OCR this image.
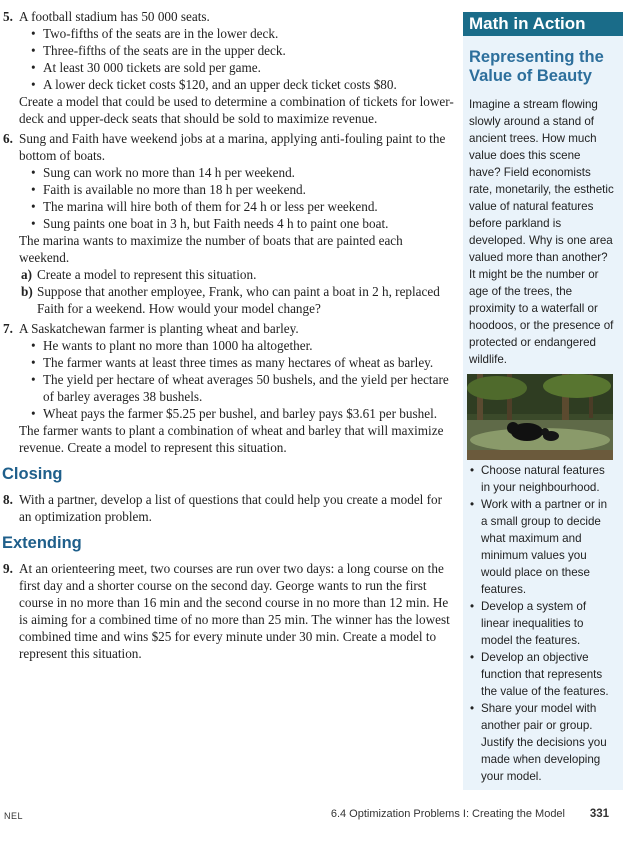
5. A football stadium has 50 000 seats.
• Two-fifths of the seats are in the lower deck.
• Three-fifths of the seats are in the upper deck.
• At least 30 000 tickets are sold per game.
• A lower deck ticket costs $120, and an upper deck ticket costs $80.
Create a model that could be used to determine a combination of tickets for lower-deck and upper-deck seats that should be sold to maximize revenue.
6. Sung and Faith have weekend jobs at a marina, applying anti-fouling paint to the bottom of boats.
• Sung can work no more than 14 h per weekend.
• Faith is available no more than 18 h per weekend.
• The marina will hire both of them for 24 h or less per weekend.
• Sung paints one boat in 3 h, but Faith needs 4 h to paint one boat.
The marina wants to maximize the number of boats that are painted each weekend.
a) Create a model to represent this situation.
b) Suppose that another employee, Frank, who can paint a boat in 2 h, replaced Faith for a weekend. How would your model change?
7. A Saskatchewan farmer is planting wheat and barley.
• He wants to plant no more than 1000 ha altogether.
• The farmer wants at least three times as many hectares of wheat as barley.
• The yield per hectare of wheat averages 50 bushels, and the yield per hectare of barley averages 38 bushels.
• Wheat pays the farmer $5.25 per bushel, and barley pays $3.61 per bushel.
The farmer wants to plant a combination of wheat and barley that will maximize revenue. Create a model to represent this situation.
Closing
8. With a partner, develop a list of questions that could help you create a model for an optimization problem.
Extending
9. At an orienteering meet, two courses are run over two days: a long course on the first day and a shorter course on the second day. George wants to run the first course in no more than 16 min and the second course in no more than 12 min. He is aiming for a combined time of no more than 25 min. The winner has the lowest combined time and wins $25 for every minute under 30 min. Create a model to represent this situation.
Math in Action
Representing the Value of Beauty
Imagine a stream flowing slowly around a stand of ancient trees. How much value does this scene have? Field economists rate, monetarily, the esthetic value of natural features before parkland is developed. Why is one area valued more than another? It might be the number or age of the trees, the proximity to a waterfall or hoodoos, or the presence of protected or endangered wildlife.
• Choose natural features in your neighbourhood.
• Work with a partner or in a small group to decide what maximum and minimum values you would place on these features.
• Develop a system of linear inequalities to model the features.
• Develop an objective function that represents the value of the features.
• Share your model with another pair or group. Justify the decisions you made when developing your model.
NEL	6.4 Optimization Problems I: Creating the Model 331
